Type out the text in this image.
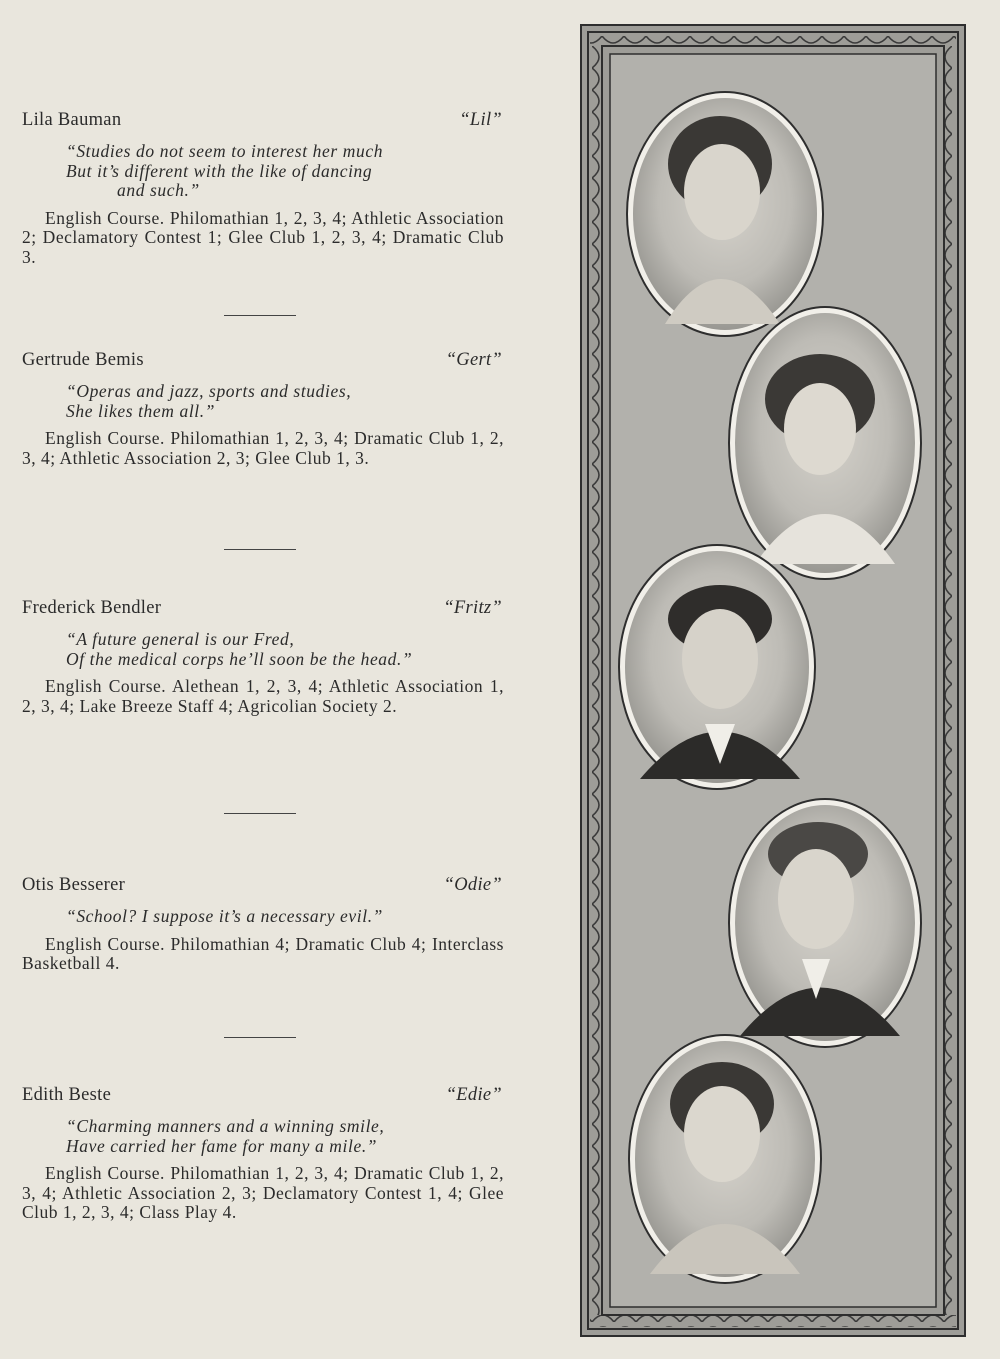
Lila Bauman	“Lil”
“Studies do not seem to interest her much
But it’s different with the like of dancing
and such.”
English Course. Philomathian 1, 2, 3, 4; Athletic Association 2; Declamatory Contest 1; Glee Club 1, 2, 3, 4; Dramatic Club 3.
Gertrude Bemis	“Gert”
“Operas and jazz, sports and studies,
She likes them all.”
English Course. Philomathian 1, 2, 3, 4; Dramatic Club 1, 2, 3, 4; Athletic Association 2, 3; Glee Club 1, 3.
Frederick Bendler	“Fritz”
“A future general is our Fred,
Of the medical corps he’ll soon be the head.”
English Course. Alethean 1, 2, 3, 4; Athletic Association 1, 2, 3, 4; Lake Breeze Staff 4; Agricolian Society 2.
Otis Besserer	“Odie”
“School? I suppose it’s a necessary evil.”
English Course. Philomathian 4; Dramatic Club 4; Interclass Basketball 4.
Edith Beste	“Edie”
“Charming manners and a winning smile,
Have carried her fame for many a mile.”
English Course. Philomathian 1, 2, 3, 4; Dramatic Club 1, 2, 3, 4; Athletic Association 2, 3; Declamatory Contest 1, 4; Glee Club 1, 2, 3, 4; Class Play 4.
